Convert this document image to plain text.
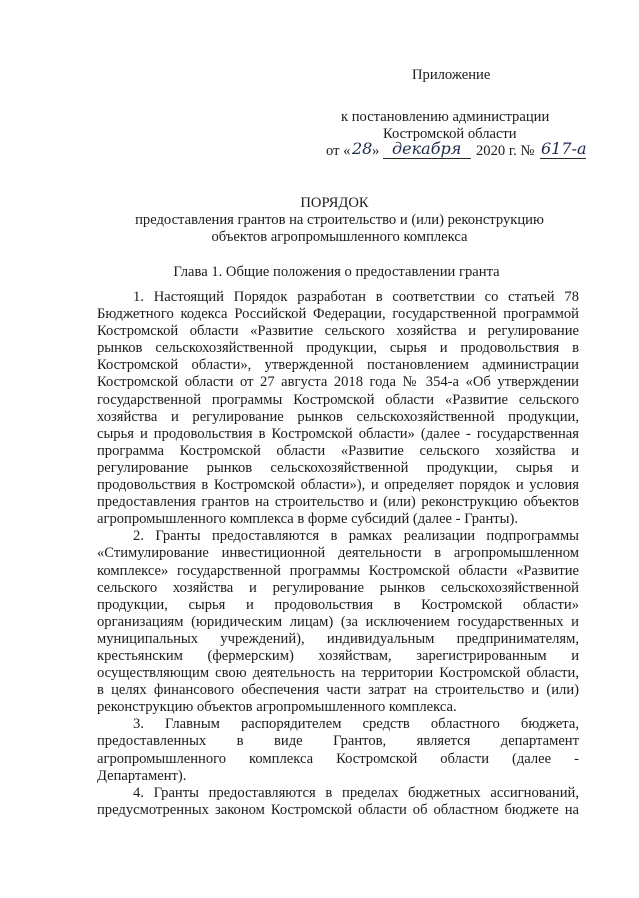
Приложение
к постановлению администрации
Костромской области
от « 28 » декабря 2020 г. № 617-а
ПОРЯДОК
предоставления грантов на строительство и (или) реконструкцию
объектов агропромышленного комплекса
Глава 1. Общие положения о предоставлении гранта

1. Настоящий Порядок разработан в соответствии со статьей 78
Бюджетного кодекса Российской Федерации, государственной программой
Костромской области «Развитие сельского хозяйства и регулирование
рынков сельскохозяйственной продукции, сырья и продовольствия в
Костромской области», утвержденной постановлением администрации
Костромской области от 27 августа 2018 года № 354-а «Об утверждении
государственной программы Костромской области «Развитие сельского
хозяйства и регулирование рынков сельскохозяйственной продукции,
сырья и продовольствия в Костромской области» (далее - государственная
программа Костромской области «Развитие сельского хозяйства и
регулирование рынков сельскохозяйственной продукции, сырья и
продовольствия в Костромской области»), и определяет порядок и условия
предоставления грантов на строительство и (или) реконструкцию объектов
агропромышленного комплекса в форме субсидий (далее - Гранты).

2. Гранты предоставляются в рамках реализации подпрограммы
«Стимулирование инвестиционной деятельности в агропромышленном
комплексе» государственной программы Костромской области «Развитие
сельского хозяйства и регулирование рынков сельскохозяйственной
продукции, сырья и продовольствия в Костромской области»
организациям (юридическим лицам) (за исключением государственных и
муниципальных учреждений), индивидуальным предпринимателям,
крестьянским (фермерским) хозяйствам, зарегистрированным и
осуществляющим свою деятельность на территории Костромской области,
в целях финансового обеспечения части затрат на строительство и (или)
реконструкцию объектов агропромышленного комплекса.

3. Главным распорядителем средств областного бюджета,
предоставленных в виде Грантов, является департамент
агропромышленного комплекса Костромской области (далее -
Департамент).

4. Гранты предоставляются в пределах бюджетных ассигнований,
предусмотренных законом Костромской области об областном бюджете на
